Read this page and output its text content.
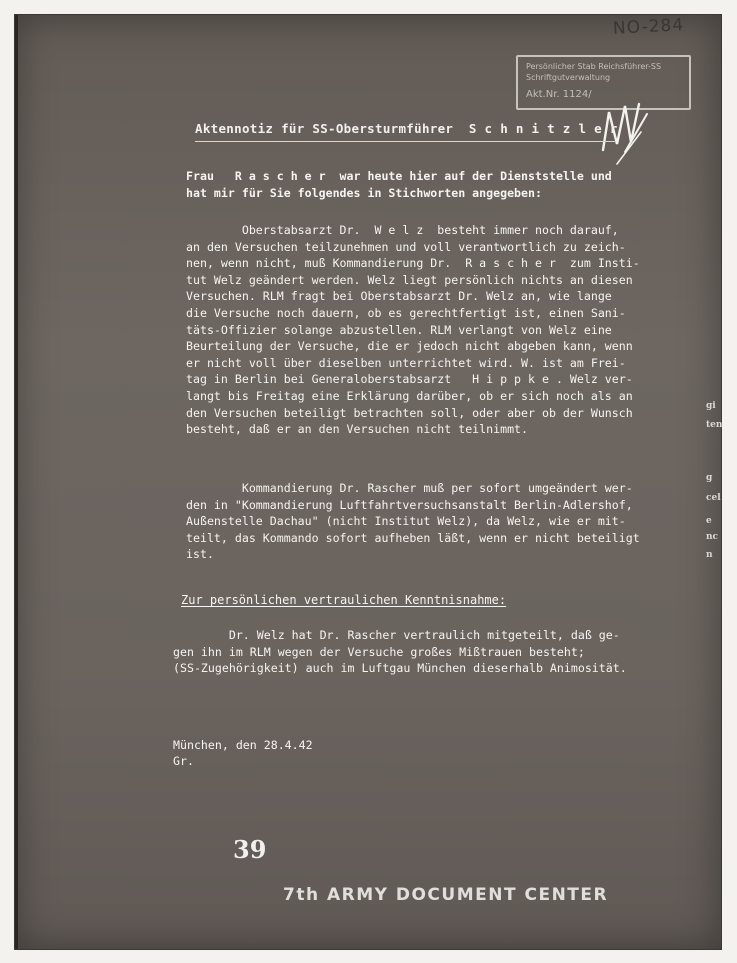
NO-284
Persönlicher Stab Reichsführer-SS
Schriftgutverwaltung
Akt.Nr. 1124/
Aktennotiz für SS-Obersturmführer  S c h n i t z l e r
Frau   R a s c h e r  war heute hier auf der Dienststelle und
hat mir für Sie folgendes in Stichworten angegeben:
Oberstabsarzt Dr.  W e l z  besteht immer noch darauf,
an den Versuchen teilzunehmen und voll verantwortlich zu zeich-
nen, wenn nicht, muß Kommandierung Dr.  R a s c h e r  zum Insti-
tut Welz geändert werden. Welz liegt persönlich nichts an diesen
Versuchen. RLM fragt bei Oberstabsarzt Dr. Welz an, wie lange
die Versuche noch dauern, ob es gerechtfertigt ist, einen Sani-
täts-Offizier solange abzustellen. RLM verlangt von Welz eine
Beurteilung der Versuche, die er jedoch nicht abgeben kann, wenn
er nicht voll über dieselben unterrichtet wird. W. ist am Frei-
tag in Berlin bei Generaloberstabsarzt   H i p p k e . Welz ver-
langt bis Freitag eine Erklärung darüber, ob er sich noch als an
den Versuchen beteiligt betrachten soll, oder aber ob der Wunsch
besteht, daß er an den Versuchen nicht teilnimmt.
Kommandierung Dr. Rascher muß per sofort umgeändert wer-
den in "Kommandierung Luftfahrtversuchsanstalt Berlin-Adlershof,
Außenstelle Dachau" (nicht Institut Welz), da Welz, wie er mit-
teilt, das Kommando sofort aufheben läßt, wenn er nicht beteiligt
ist.
Zur persönlichen vertraulichen Kenntnisnahme:
Dr. Welz hat Dr. Rascher vertraulich mitgeteilt, daß ge-
gen ihn im RLM wegen der Versuche großes Mißtrauen besteht;
(SS-Zugehörigkeit) auch im Luftgau München dieserhalb Animosität.
München, den 28.4.42
Gr.
39
7th ARMY DOCUMENT CENTER
gi
ten
g
cel
e
nc
n
